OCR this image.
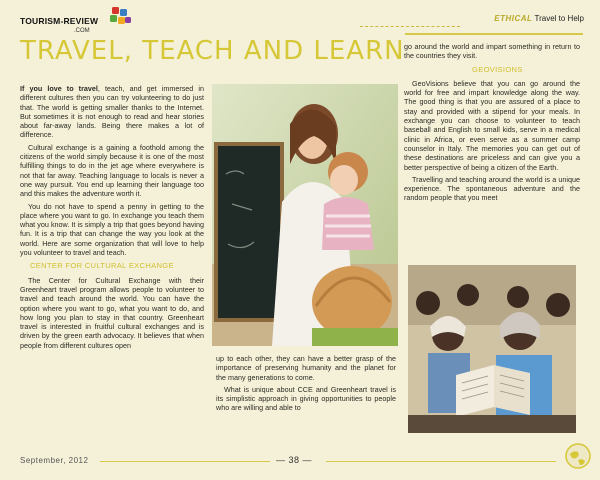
TOURISM-REVIEW
.COM
ETHICAL Travel to Help
TRAVEL, TEACH AND LEARN

If you love to travel, teach, and get immersed in different cultures then you can try volunteering to do just that. The world is getting smaller thanks to the Internet. But sometimes it is not enough to read and hear stories about far-away lands. Being there makes a lot of difference.

Cultural exchange is a gaining a foothold among the citizens of the world simply because it is one of the most fulfilling things to do in the jet age where everywhere is not that far away. Teaching language to locals is never a one way pursuit. You end up learning their language too and this makes the adventure worth it.

You do not have to spend a penny in getting to the place where you want to go. In exchange you teach them what you know. It is simply a trip that goes beyond having fun. It is a trip that can change the way you look at the world. Here are some organization that will love to help you volunteer to travel and teach.

CENTER FOR CULTURAL EXCHANGE

The Center for Cultural Exchange with their Greenheart travel program allows people to volunteer to travel and teach around the world. You can have the option where you want to go, what you want to do, and how long you plan to stay in that country. Greenheart travel is interested in fruitful cultural exchanges and is driven by the green earth advocacy. It believes that when people from different cultures open

up to each other, they can have a better grasp of the importance of preserving humanity and the planet for the many generations to come.

What is unique about CCE and Greenheart travel is its simplistic approach in giving opportunities to people who are willing and able to

go around the world and impart something in return to the countries they visit.

GEOVISIONS

GeoVisions believe that you can go around the world for free and impart knowledge along the way. The good thing is that you are assured of a place to stay and provided with a stipend for your meals. In exchange you can choose to volunteer to teach baseball and English to small kids, serve in a medical clinic in Africa, or even serve as a summer camp counselor in Italy. The memories you can get out of these destinations are priceless and can give you a better perspective of being a citizen of the Earth.

Travelling and teaching around the world is a unique experience. The spontaneous adventure and the random people that you meet

September, 2012	— 38 —
